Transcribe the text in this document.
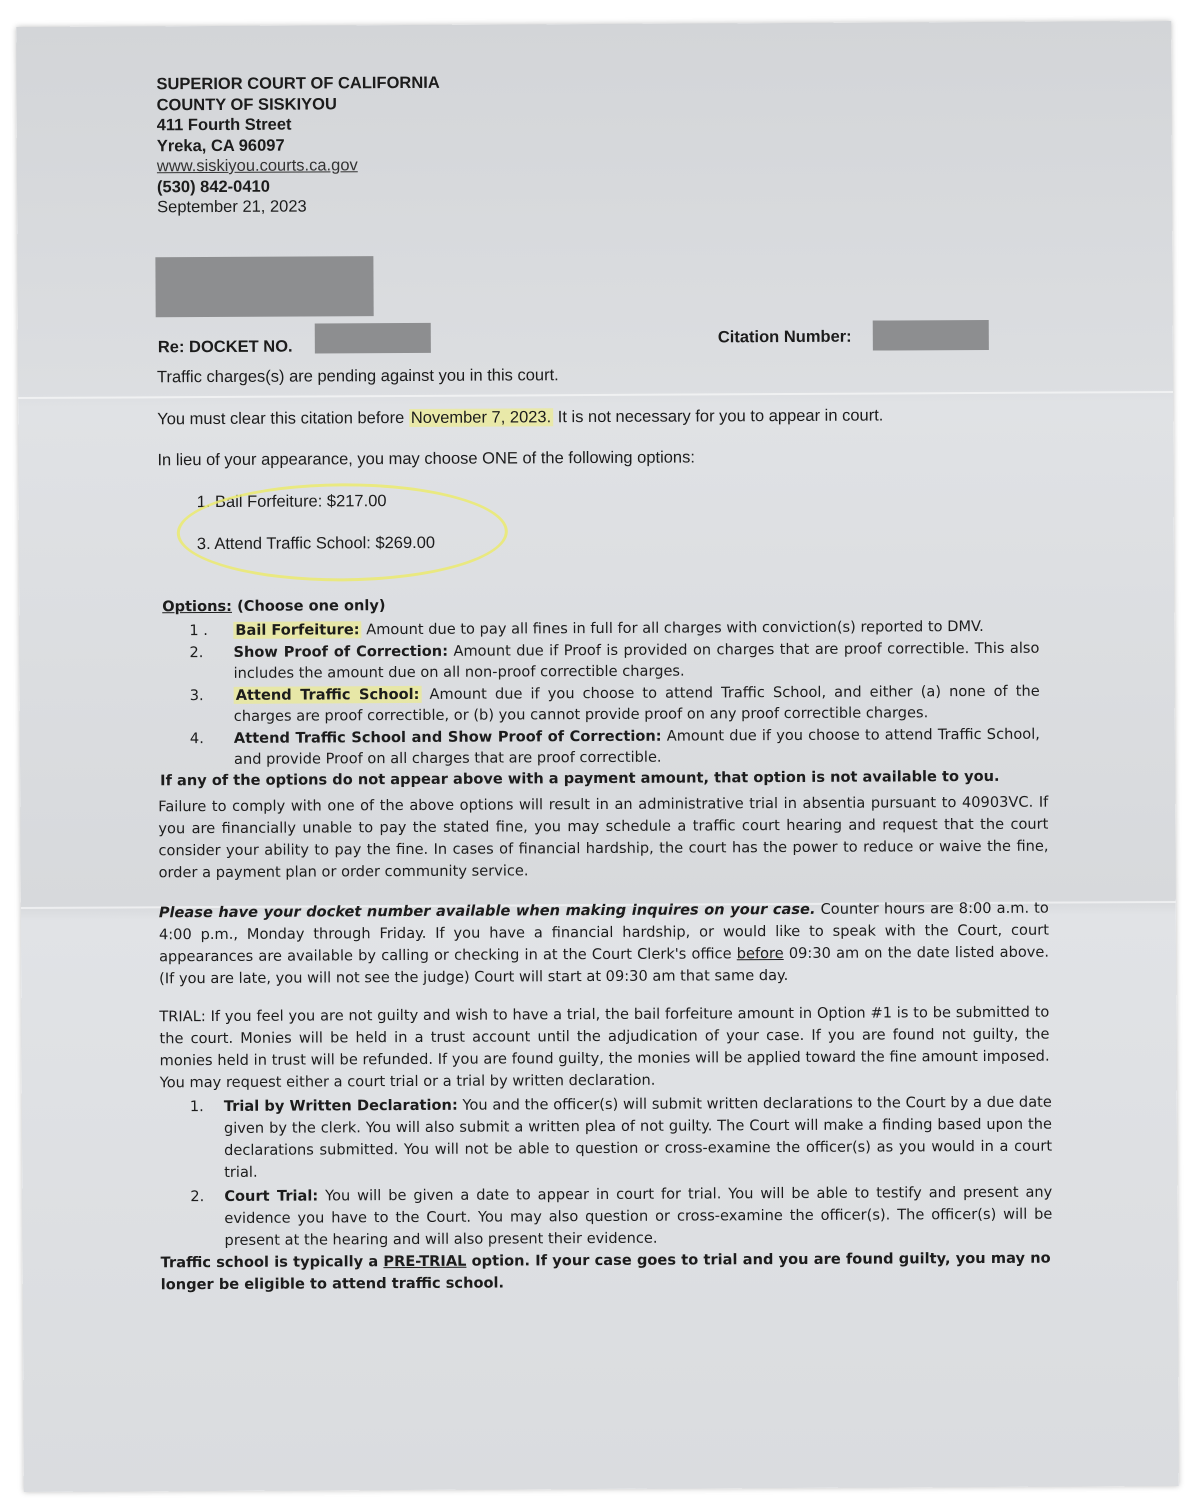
SUPERIOR COURT OF CALIFORNIA
COUNTY OF SISKIYOU
411 Fourth Street
Yreka, CA 96097
www.siskiyou.courts.ca.gov
(530) 842-0410
September 21, 2023
Re: DOCKET NO.
Citation Number:
Traffic charges(s) are pending against you in this court.
You must clear this citation before November 7, 2023. It is not necessary for you to appear in court.
In lieu of your appearance, you may choose ONE of the following options:
1. Bail Forfeiture: $217.00
3. Attend Traffic School: $269.00
Options: (Choose one only)
1 .	Bail Forfeiture: Amount due to pay all fines in full for all charges with conviction(s) reported to DMV.
2.	Show Proof of Correction: Amount due if Proof is provided on charges that are proof correctible. This also includes the amount due on all non-proof correctible charges.
3.	Attend Traffic School: Amount due if you choose to attend Traffic School, and either (a) none of the charges are proof correctible, or (b) you cannot provide proof on any proof correctible charges.
4.	Attend Traffic School and Show Proof of Correction: Amount due if you choose to attend Traffic School, and provide Proof on all charges that are proof correctible.
If any of the options do not appear above with a payment amount, that option is not available to you.
Failure to comply with one of the above options will result in an administrative trial in absentia pursuant to 40903VC. If you are financially unable to pay the stated fine, you may schedule a traffic court hearing and request that the court consider your ability to pay the fine. In cases of financial hardship, the court has the power to reduce or waive the fine, order a payment plan or order community service.
Please have your docket number available when making inquires on your case. Counter hours are 8:00 a.m. to 4:00 p.m., Monday through Friday. If you have a financial hardship, or would like to speak with the Court, court appearances are available by calling or checking in at the Court Clerk's office before 09:30 am on the date listed above. (If you are late, you will not see the judge) Court will start at 09:30 am that same day.
TRIAL: If you feel you are not guilty and wish to have a trial, the bail forfeiture amount in Option #1 is to be submitted to the court. Monies will be held in a trust account until the adjudication of your case. If you are found not guilty, the monies held in trust will be refunded. If you are found guilty, the monies will be applied toward the fine amount imposed. You may request either a court trial or a trial by written declaration.
1.	Trial by Written Declaration: You and the officer(s) will submit written declarations to the Court by a due date given by the clerk. You will also submit a written plea of not guilty. The Court will make a finding based upon the declarations submitted. You will not be able to question or cross-examine the officer(s) as you would in a court trial.
2.	Court Trial: You will be given a date to appear in court for trial. You will be able to testify and present any evidence you have to the Court. You may also question or cross-examine the officer(s). The officer(s) will be present at the hearing and will also present their evidence.
Traffic school is typically a PRE-TRIAL option. If your case goes to trial and you are found guilty, you may no longer be eligible to attend traffic school.
